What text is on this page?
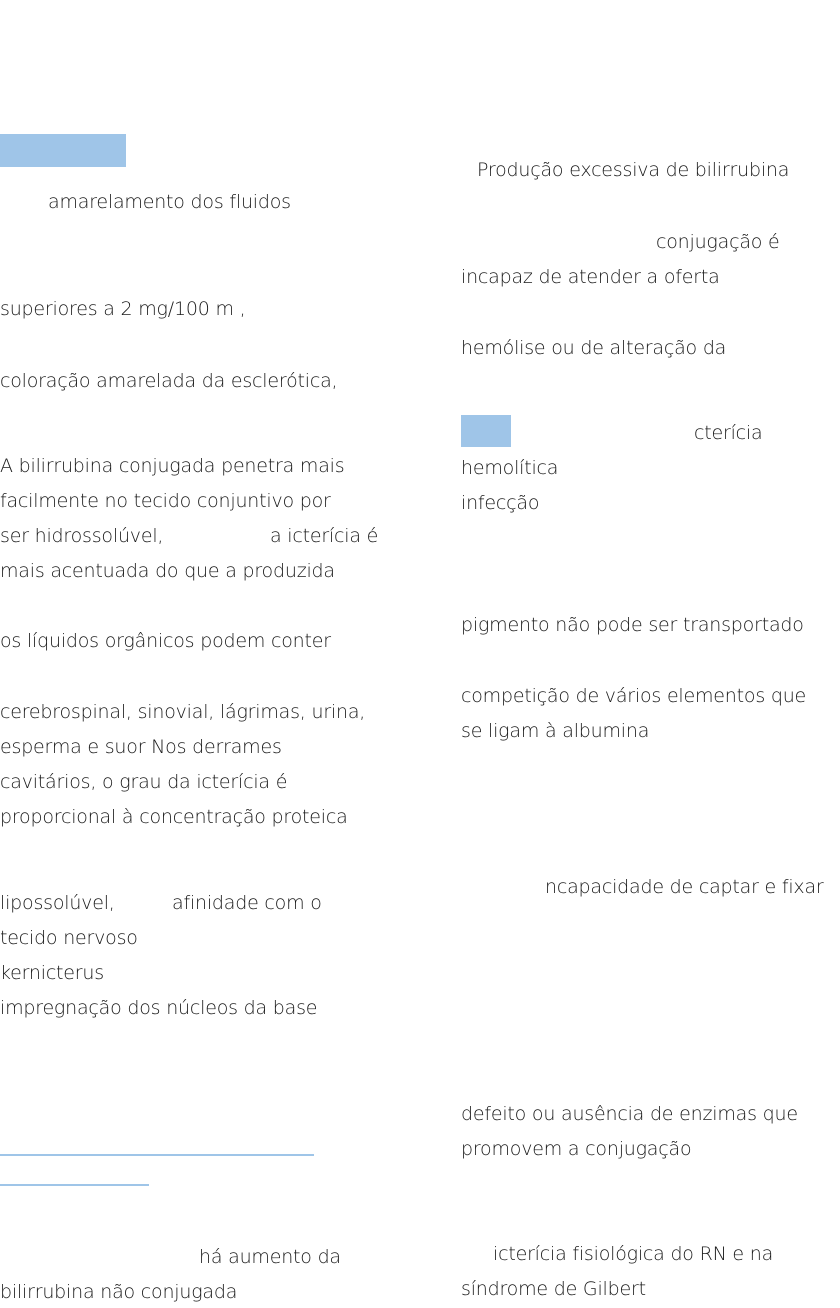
amarelamento dos fluidos
superiores a 2 mg/100 m ,
coloração amarelada da esclerótica,
A bilirrubina conjugada penetra mais
facilmente no tecido conjuntivo por
ser hidrossolúvel,	a icterícia é
mais acentuada do que a produzida
os líquidos orgânicos podem conter
cerebrospinal, sinovial, lágrimas, urina,
esperma e suor Nos derrames
cavitários, o grau da icterícia é
proporcional à concentração proteica
lipossolúvel,	afinidade com o
tecido nervoso
kernicterus
impregnação dos núcleos da base
há aumento da
bilirrubina não conjugada
Produção excessiva de bilirrubina
conjugação é
incapaz de atender a oferta
hemólise ou de alteração da
cterícia
hemolítica
infecção
pigmento não pode ser transportado
competição de vários elementos que
se ligam à albumina
ncapacidade de captar e fixar
defeito ou ausência de enzimas que
promovem a conjugação
icterícia fisiológica do RN e na
síndrome de Gilbert
